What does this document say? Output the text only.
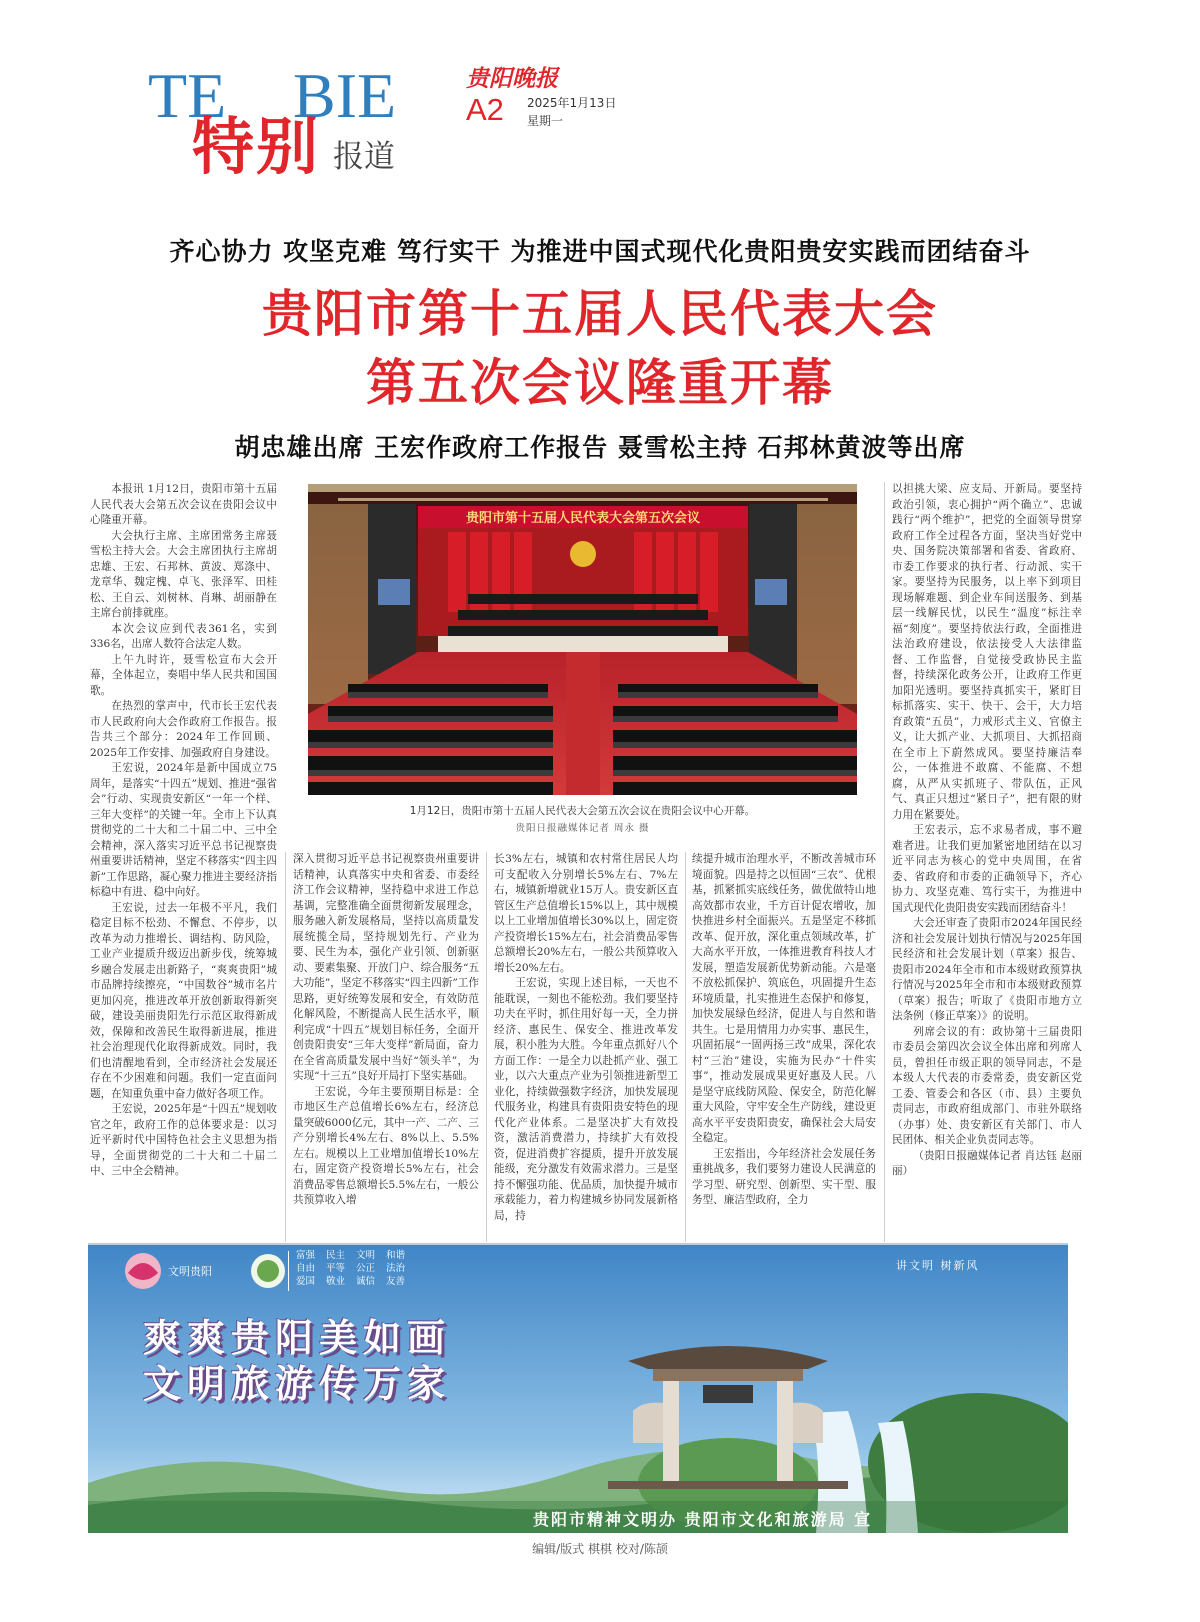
TE BIE
特别 报道
贵阳晚报
A2 2025年1月13日
星期一
齐心协力 攻坚克难 笃行实干 为推进中国式现代化贵阳贵安实践而团结奋斗
贵阳市第十五届人民代表大会
第五次会议隆重开幕
胡忠雄出席 王宏作政府工作报告 聂雪松主持 石邦林黄波等出席
贵阳市第十五届人民代表大会第五次会议
1月12日，贵阳市第十五届人民代表大会第五次会议在贵阳会议中心开幕。
贵阳日报融媒体记者 周永 摄

本报讯 1月12日，贵阳市第十五届人民代表大会第五次会议在贵阳会议中心隆重开幕。

大会执行主席、主席团常务主席聂雪松主持大会。大会主席团执行主席胡忠雄、王宏、石邦林、黄波、郑涤中、龙章华、魏定槐、卓飞、张泽军、田桂松、王自云、刘树林、肖琳、胡丽静在主席台前排就座。

本次会议应到代表361名，实到336名，出席人数符合法定人数。

上午九时许，聂雪松宣布大会开幕，全体起立，奏唱中华人民共和国国歌。

在热烈的掌声中，代市长王宏代表市人民政府向大会作政府工作报告。报告共三个部分：2024年工作回顾、2025年工作安排、加强政府自身建设。

王宏说，2024年是新中国成立75周年，是落实“十四五”规划、推进“强省会”行动、实现贵安新区“一年一个样、三年大变样”的关键一年。全市上下认真贯彻党的二十大和二十届二中、三中全会精神，深入落实习近平总书记视察贵州重要讲话精神，坚定不移落实“四主四新”工作思路，凝心聚力推进主要经济指标稳中有进、稳中向好。

王宏说，过去一年极不平凡，我们稳定目标不松劲、不懈怠、不停步，以改革为动力推增长、调结构、防风险，工业产业提质升级迈出新步伐，统筹城乡融合发展走出新路子，“爽爽贵阳”城市品牌持续擦亮，“中国数谷”城市名片更加闪亮，推进改革开放创新取得新突破，建设美丽贵阳先行示范区取得新成效，保障和改善民生取得新进展，推进社会治理现代化取得新成效。同时，我们也清醒地看到，全市经济社会发展还存在不少困难和问题。我们一定直面问题，在知重负重中奋力做好各项工作。

王宏说，2025年是“十四五”规划收官之年，政府工作的总体要求是：以习近平新时代中国特色社会主义思想为指导，全面贯彻党的二十大和二十届二中、三中全会精神。

深入贯彻习近平总书记视察贵州重要讲话精神，认真落实中央和省委、市委经济工作会议精神，坚持稳中求进工作总基调，完整准确全面贯彻新发展理念，服务融入新发展格局，坚持以高质量发展统揽全局，坚持规划先行、产业为要、民生为本，强化产业引领、创新驱动、要素集聚、开放门户、综合服务“五大功能”，坚定不移落实“四主四新”工作思路，更好统筹发展和安全，有效防范化解风险，不断提高人民生活水平，顺利完成“十四五”规划目标任务，全面开创贵阳贵安“三年大变样”新局面，奋力在全省高质量发展中当好“领头羊”，为实现“十三五”良好开局打下坚实基础。

王宏说，今年主要预期目标是：全市地区生产总值增长6%左右，经济总量突破6000亿元，其中一产、二产、三产分别增长4%左右、8%以上、5.5%左右。规模以上工业增加值增长10%左右，固定资产投资增长5%左右，社会消费品零售总额增长5.5%左右，一般公共预算收入增

长3%左右，城镇和农村常住居民人均可支配收入分别增长5%左右、7%左右，城镇新增就业15万人。贵安新区直管区生产总值增长15%以上，其中规模以上工业增加值增长30%以上，固定资产投资增长15%左右，社会消费品零售总额增长20%左右，一般公共预算收入增长20%左右。

王宏说，实现上述目标，一天也不能耽误，一刻也不能松劲。我们要坚持功夫在平时，抓住用好每一天，全力拼经济、惠民生、保安全、推进改革发展，积小胜为大胜。今年重点抓好八个方面工作：一是全力以赴抓产业、强工业，以六大重点产业为引领推进新型工业化，持续做强数字经济，加快发展现代服务业，构建具有贵阳贵安特色的现代化产业体系。二是坚决扩大有效投资，激活消费潜力，持续扩大有效投资，促进消费扩容提质，提升开放发展能级，充分激发有效需求潜力。三是坚持不懈强功能、优品质，加快提升城市承载能力，着力构建城乡协同发展新格局，持

续提升城市治理水平，不断改善城市环境面貌。四是持之以恒固“三农”、优根基，抓紧抓实底线任务，做优做特山地高效都市农业，千方百计促农增收，加快推进乡村全面振兴。五是坚定不移抓改革、促开放，深化重点领域改革，扩大高水平开放，一体推进教育科技人才发展，塑造发展新优势新动能。六是毫不放松抓保护、筑底色，巩固提升生态环境质量，扎实推进生态保护和修复，加快发展绿色经济，促进人与自然和谐共生。七是用情用力办实事、惠民生，巩固拓展“一固两扬三改”成果，深化农村“三治”建设，实施为民办“十件实事”，推动发展成果更好惠及人民。八是坚守底线防风险、保安全，防范化解重大风险，守牢安全生产防线，建设更高水平平安贵阳贵安，确保社会大局安全稳定。

王宏指出，今年经济社会发展任务重挑战多，我们要努力建设人民满意的学习型、研究型、创新型、实干型、服务型、廉洁型政府，全力

以担挑大梁、应支局、开新局。要坚持政治引领，衷心拥护“两个确立”、忠诚践行“两个维护”，把党的全面领导贯穿政府工作全过程各方面，坚决当好党中央、国务院决策部署和省委、省政府、市委工作要求的执行者、行动派、实干家。要坚持为民服务，以上率下到项目现场解难题、到企业车间送服务、到基层一线解民忧，以民生“温度”标注幸福“刻度”。要坚持依法行政，全面推进法治政府建设，依法接受人大法律监督、工作监督，自觉接受政协民主监督，持续深化政务公开，让政府工作更加阳光透明。要坚持真抓实干，紧盯目标抓落实、实干、快干、会干，大力培育政策“五员”，力戒形式主义、官僚主义，让大抓产业、大抓项目、大抓招商在全市上下蔚然成风。要坚持廉洁奉公，一体推进不敢腐、不能腐、不想腐，从严从实抓班子、带队伍，正风气、真正只想过“紧日子”，把有限的财力用在紧要处。

王宏表示，忘不求易者成，事不避难者进。让我们更加紧密地团结在以习近平同志为核心的党中央周围，在省委、省政府和市委的正确领导下，齐心协力、攻坚克难、笃行实干，为推进中国式现代化贵阳贵安实践而团结奋斗！

大会还审查了贵阳市2024年国民经济和社会发展计划执行情况与2025年国民经济和社会发展计划（草案）报告、贵阳市2024年全市和市本级财政预算执行情况与2025年全市和市本级财政预算（草案）报告；听取了《贵阳市地方立法条例（修正草案）》的说明。

列席会议的有：政协第十三届贵阳市委员会第四次会议全体出席和列席人员，曾担任市级正职的领导同志，不是本级人大代表的市委常委，贵安新区党工委、管委会和各区（市、县）主要负责同志，市政府组成部门、市驻外联络（办事）处、贵安新区有关部门、市人民团体、相关企业负责同志等。

（贵阳日报融媒体记者 肖达钰 赵丽丽）

文明贵阳
富强
自由
爱国
民主
平等
敬业
文明
公正
诚信
和谐
法治
友善
讲文明 树新风
爽爽贵阳美如画
文明旅游传万家
贵阳市精神文明办 贵阳市文化和旅游局 宣
编辑/版式 棋棋 校对/陈颉
